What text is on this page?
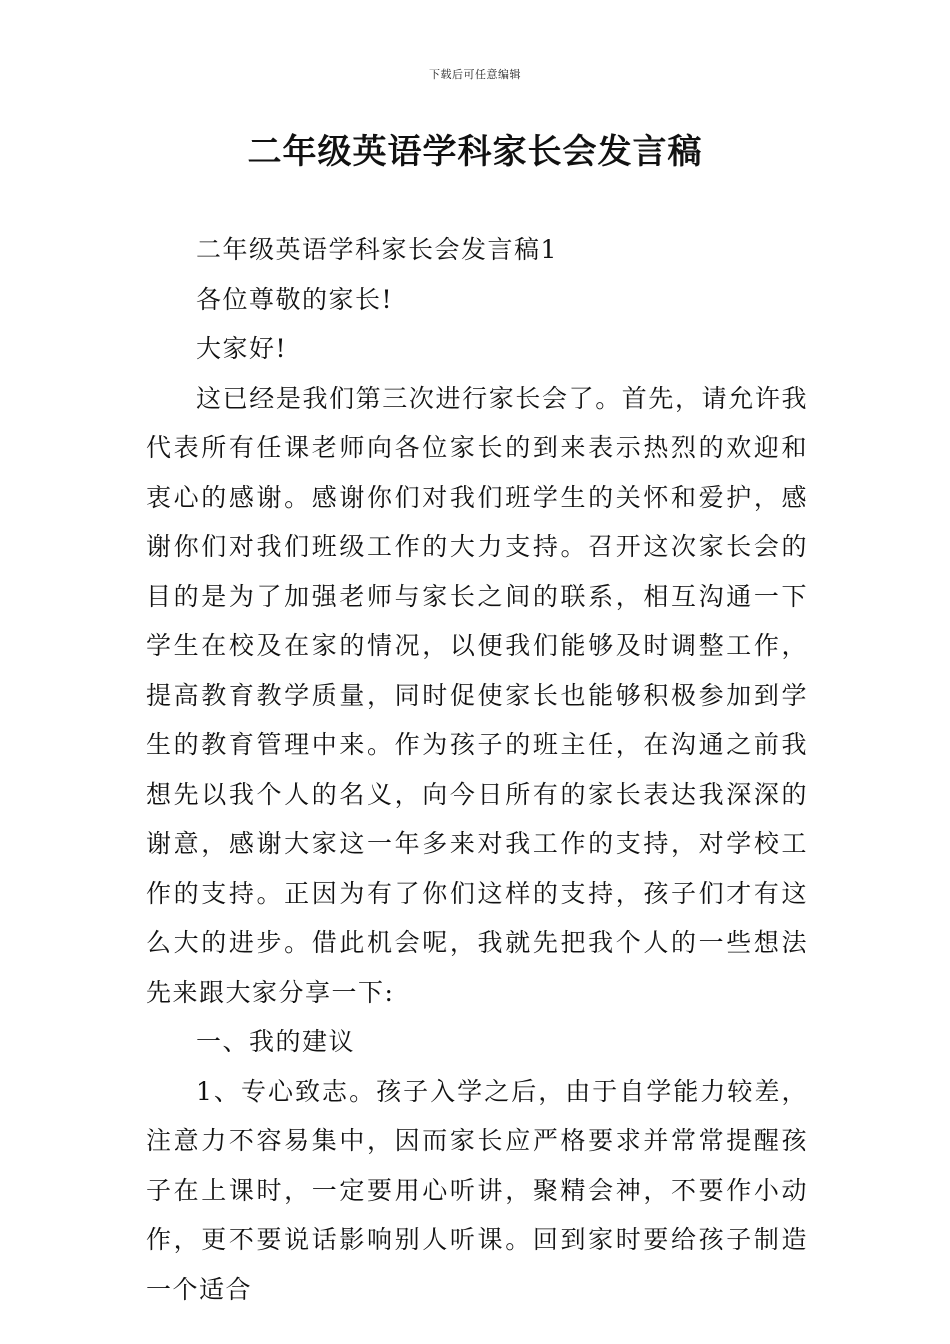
下载后可任意编辑
二年级英语学科家长会发言稿

二年级英语学科家长会发言稿1

各位尊敬的家长!

大家好!

这已经是我们第三次进行家长会了。首先，请允许我代表所有任课老师向各位家长的到来表示热烈的欢迎和衷心的感谢。感谢你们对我们班学生的关怀和爱护，感谢你们对我们班级工作的大力支持。召开这次家长会的目的是为了加强老师与家长之间的联系，相互沟通一下学生在校及在家的情况，以便我们能够及时调整工作，提高教育教学质量，同时促使家长也能够积极参加到学生的教育管理中来。作为孩子的班主任，在沟通之前我想先以我个人的名义，向今日所有的家长表达我深深的谢意，感谢大家这一年多来对我工作的支持，对学校工作的支持。正因为有了你们这样的支持，孩子们才有这么大的进步。借此机会呢，我就先把我个人的一些想法先来跟大家分享一下:

一、我的建议

1、专心致志。孩子入学之后，由于自学能力较差，注意力不容易集中，因而家长应严格要求并常常提醒孩子在上课时，一定要用心听讲，聚精会神，不要作小动作，更不要说话影响别人听课。回到家时要给孩子制造一个适合
